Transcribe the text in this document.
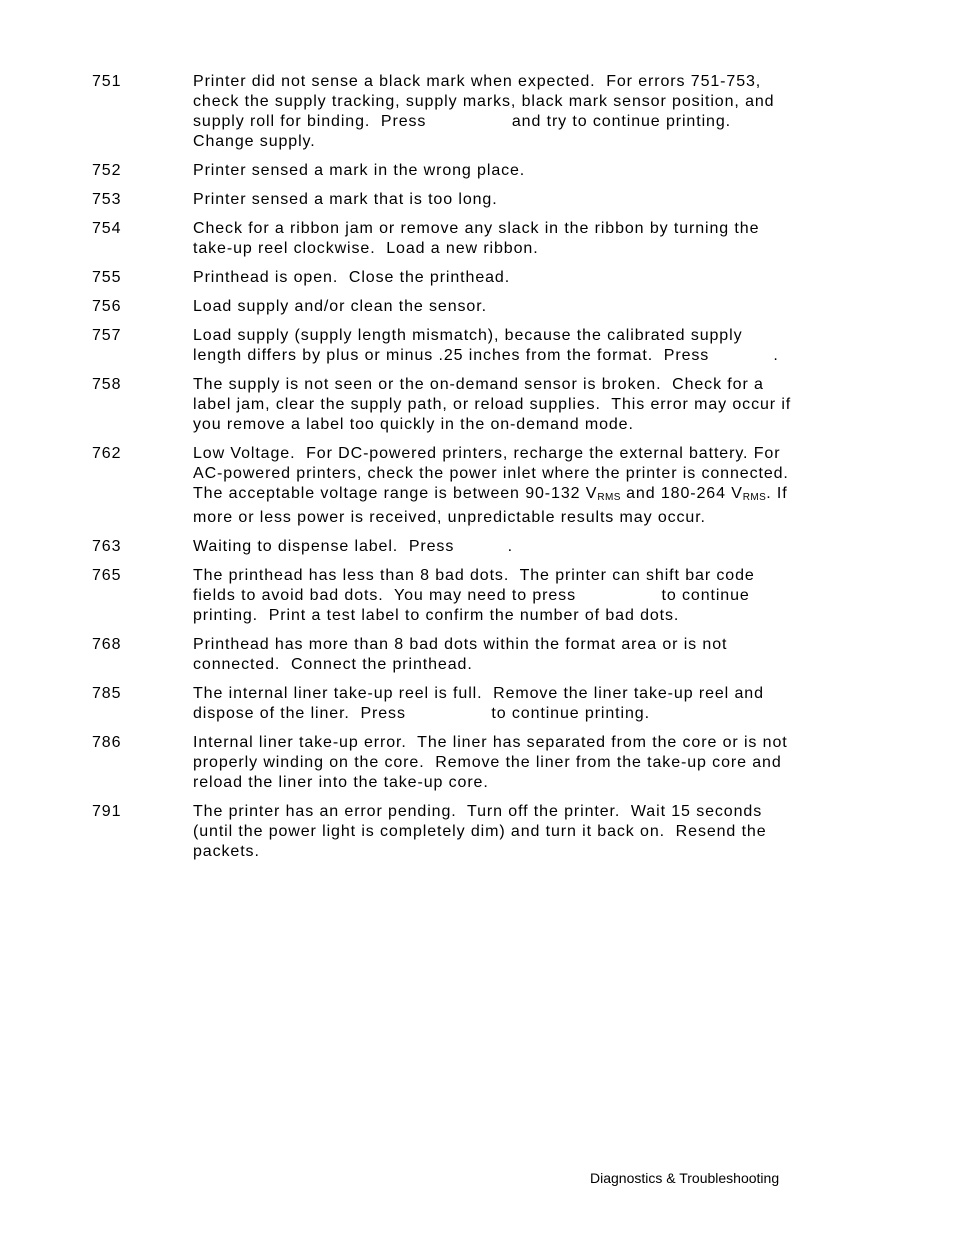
751	Printer did not sense a black mark when expected.  For errors 751-753,
check the supply tracking, supply marks, black mark sensor position, and
supply roll for binding.  Press                and try to continue printing.
Change supply.
752	Printer sensed a mark in the wrong place.
753	Printer sensed a mark that is too long.
754	Check for a ribbon jam or remove any slack in the ribbon by turning the
take-up reel clockwise.  Load a new ribbon.
755	Printhead is open.  Close the printhead.
756	Load supply and/or clean the sensor.
757	Load supply (supply length mismatch), because the calibrated supply
length differs by plus or minus .25 inches from the format.  Press            .
758	The supply is not seen or the on-demand sensor is broken.  Check for a
label jam, clear the supply path, or reload supplies.  This error may occur if
you remove a label too quickly in the on-demand mode.
762	Low Voltage.  For DC-powered printers, recharge the external battery. For
AC-powered printers, check the power inlet where the printer is connected.
The acceptable voltage range is between 90-132 $V_{RMS}$ and 180-264 $V_{RMS}$. If
more or less power is received, unpredictable results may occur.
763	Waiting to dispense label.  Press          .
765	The printhead has less than 8 bad dots.  The printer can shift bar code
fields to avoid bad dots.  You may need to press                to continue
printing.  Print a test label to confirm the number of bad dots.
768	Printhead has more than 8 bad dots within the format area or is not
connected.  Connect the printhead.
785	The internal liner take-up reel is full.  Remove the liner take-up reel and
dispose of the liner.  Press                to continue printing.
786	Internal liner take-up error.  The liner has separated from the core or is not
properly winding on the core.  Remove the liner from the take-up core and
reload the liner into the take-up core.
791	The printer has an error pending.  Turn off the printer.  Wait 15 seconds
(until the power light is completely dim) and turn it back on.  Resend the
packets.
Diagnostics & Troubleshooting
